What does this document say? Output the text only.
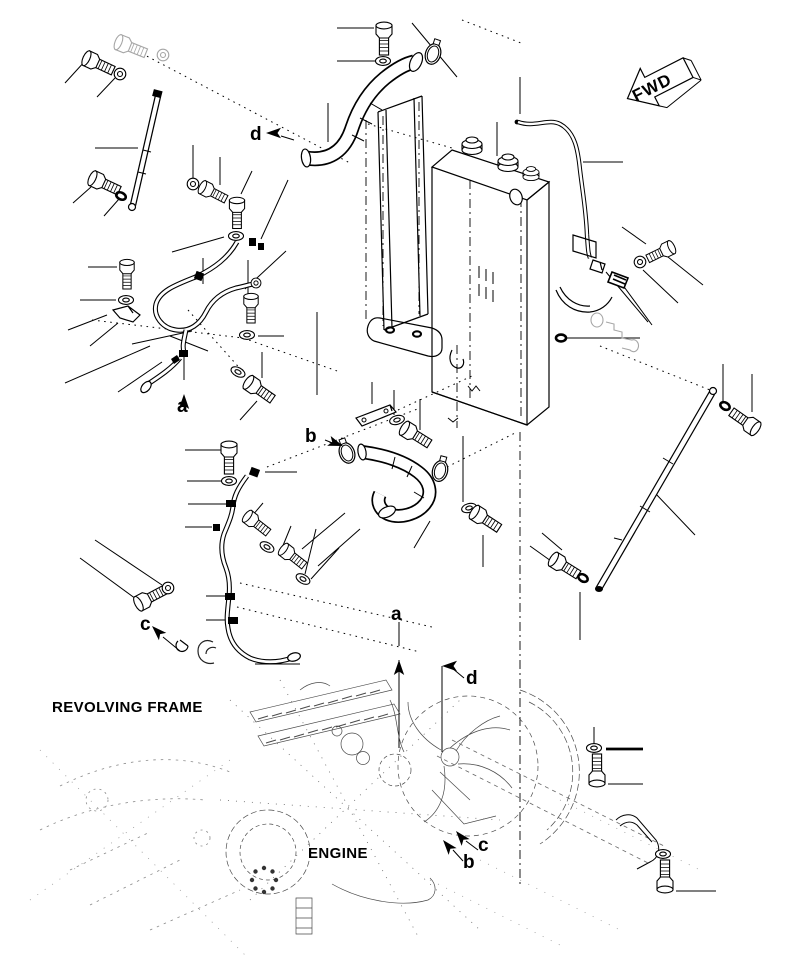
FWD
d
a
b
c	a
d
c
b
REVOLVING FRAME
ENGINE
